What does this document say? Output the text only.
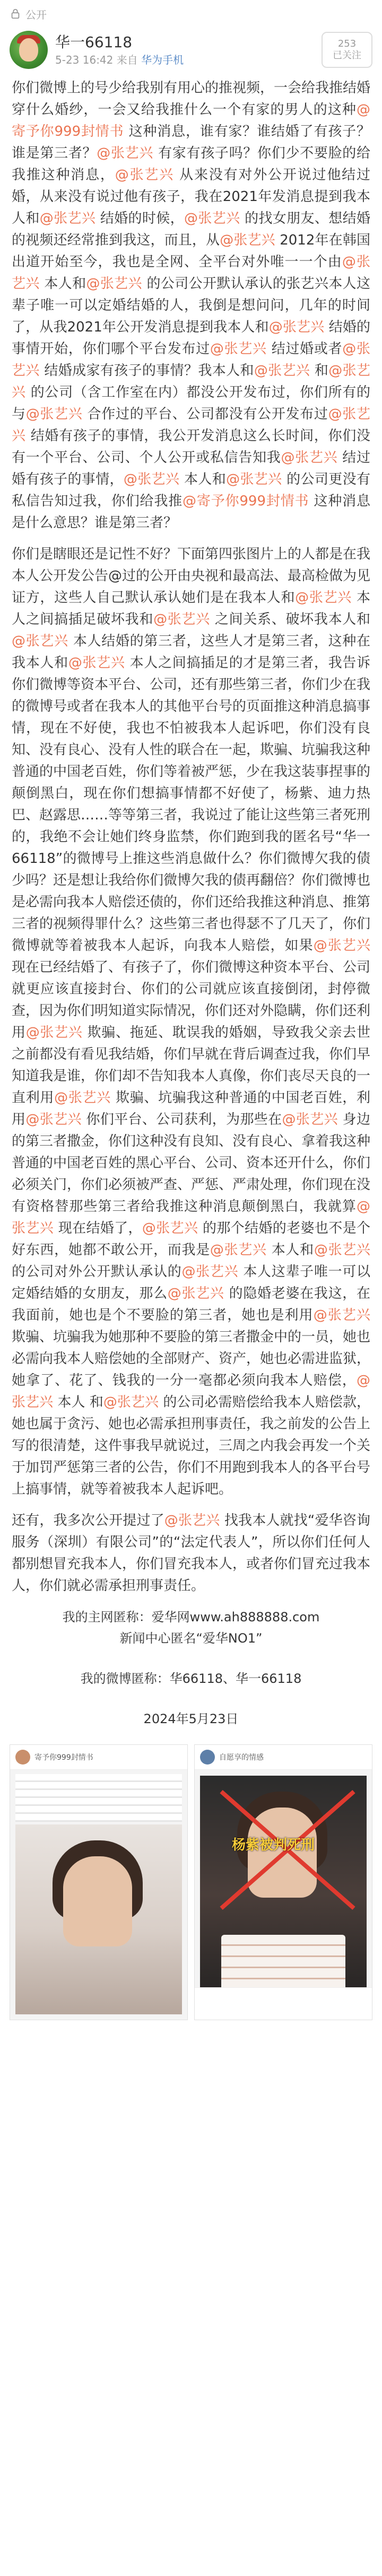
公开
华一66118
5-23 16:42 来自 华为手机
253
已关注

你们微博上的号少给我别有用心的推视频，一会给我推结婚穿什么婚纱，一会又给我推什么一个有家的男人的这种@寄予你999封情书 这种消息，谁有家？谁结婚了有孩子？谁是第三者？@张艺兴 有家有孩子吗？你们少不要脸的给我推这种消息，@张艺兴 从来没有对外公开说过他结过婚，从来没有说过他有孩子，我在2021年发消息提到我本人和@张艺兴 结婚的时候，@张艺兴 的找女朋友、想结婚的视频还经常推到我这，而且，从@张艺兴 2012年在韩国出道开始至今，我也是全网、全平台对外唯一一个由@张艺兴 本人和@张艺兴 的公司公开默认承认的张艺兴本人这辈子唯一可以定婚结婚的人，我倒是想问问，几年的时间了，从我2021年公开发消息提到我本人和@张艺兴 结婚的事情开始，你们哪个平台发布过@张艺兴 结过婚或者@张艺兴 结婚成家有孩子的事情？我本人和@张艺兴 和@张艺兴 的公司（含工作室在内）都没公开发布过，你们所有的与@张艺兴 合作过的平台、公司都没有公开发布过@张艺兴 结婚有孩子的事情，我公开发消息这么长时间，你们没有一个平台、公司、个人公开或私信告知我@张艺兴 结过婚有孩子的事情，@张艺兴 本人和@张艺兴 的公司更没有私信告知过我，你们给我推@寄予你999封情书 这种消息是什么意思？谁是第三者？

你们是瞎眼还是记性不好？下面第四张图片上的人都是在我本人公开发公告@过的公开由央视和最高法、最高检做为见证方，这些人自己默认承认她们是在我本人和@张艺兴 本人之间搞插足破坏我和@张艺兴 之间关系、破坏我本人和@张艺兴 本人结婚的第三者，这些人才是第三者，这种在我本人和@张艺兴 本人之间搞插足的才是第三者，我告诉你们微博等资本平台、公司，还有那些第三者，你们少在我的微博号或者在我本人的其他平台号的页面推这种消息搞事情，现在不好使，我也不怕被我本人起诉吧，你们没有良知、没有良心、没有人性的联合在一起，欺骗、坑骗我这种普通的中国老百姓，你们等着被严惩，少在我这装事捏事的颠倒黑白，现在你们想搞事情都不好使了，杨紫、迪力热巴、赵露思……等等第三者，我说过了能让这些第三者死刑的，我绝不会让她们终身监禁，你们跑到我的匿名号“华一66118”的微博号上推这些消息做什么？你们微博欠我的债少吗？还是想让我给你们微博欠我的债再翻倍？你们微博也是必需向我本人赔偿还债的，你们还给我推这种消息、推第三者的视频得罪什么？这些第三者也得瑟不了几天了，你们微博就等着被我本人起诉，向我本人赔偿，如果@张艺兴 现在已经结婚了、有孩子了，你们微博这种资本平台、公司就更应该直接封台、你们的公司就应该直接倒闭，封停微查，因为你们明知道实际情况，你们还对外隐瞒，你们还利用@张艺兴 欺骗、拖延、耽误我的婚姻，导致我父亲去世之前都没有看见我结婚，你们早就在背后调查过我，你们早知道我是谁，你们却不告知我本人真像，你们丧尽天良的一直利用@张艺兴 欺骗、坑骗我这种普通的中国老百姓，利用@张艺兴 你们平台、公司获利，为那些在@张艺兴 身边的第三者撒金，你们这种没有良知、没有良心、拿着我这种普通的中国老百姓的黑心平台、公司、资本还开什么，你们必须关门，你们必须被严查、严惩、严肃处理，你们现在没有资格替那些第三者给我推这种消息颠倒黑白，我就算@张艺兴 现在结婚了，@张艺兴 的那个结婚的老婆也不是个好东西，她都不敢公开，而我是@张艺兴 本人和@张艺兴 的公司对外公开默认承认的@张艺兴 本人这辈子唯一可以定婚结婚的女朋友，那么@张艺兴 的隐婚老婆在我这，在我面前，她也是个不要脸的第三者，她也是利用@张艺兴 欺骗、坑骗我为她那种不要脸的第三者撒金中的一员，她也必需向我本人赔偿她的全部财产、资产，她也必需进监狱，她拿了、花了、钱我的一分一毫都必须向我本人赔偿，@张艺兴 本人 和@张艺兴 的公司必需赔偿给我本人赔偿款，她也属于贪污、她也必需承担刑事责任，我之前发的公告上写的很清楚，这件事我早就说过，三周之内我会再发一个关于加罚严惩第三者的公告，你们不用跑到我本人的各平台号上搞事情，就等着被我本人起诉吧。

还有，我多次公开提过了@张艺兴 找我本人就找“爱华咨询服务（深圳）有限公司”的“法定代表人”，所以你们任何人都别想冒充我本人，你们冒充我本人，或者你们冒充过我本人，你们就必需承担刑事责任。

我的主网匿称：爱华网www.ah888888.com
新闻中心匿名“爱华NO1”
我的微博匿称：华66118、华一66118
2024年5月23日
寄予你999封情书	自愿享的情感
杨紫被判死刑
